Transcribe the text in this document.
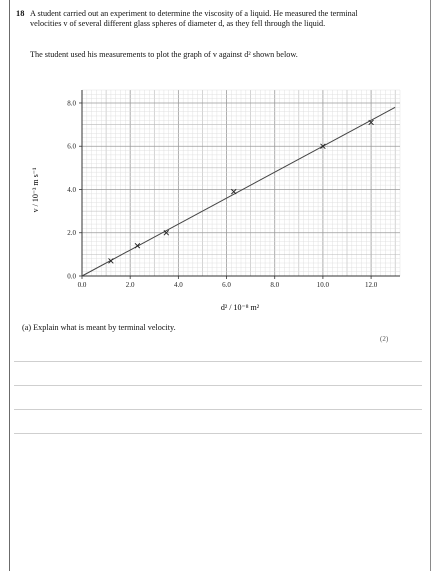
18 A student carried out an experiment to determine the viscosity of a liquid. He measured the terminal velocities v of several different glass spheres of diameter d, as they fell through the liquid.
The student used his measurements to plot the graph of v against d² shown below.
0.0	2.0	4.0	6.0	8.0	10.0	12.0
0.0
2.0
4.0
6.0
8.0
d² / 10⁻⁸ m²
v / 10⁻³ m s⁻¹
(a) Explain what is meant by terminal velocity.
(2)
